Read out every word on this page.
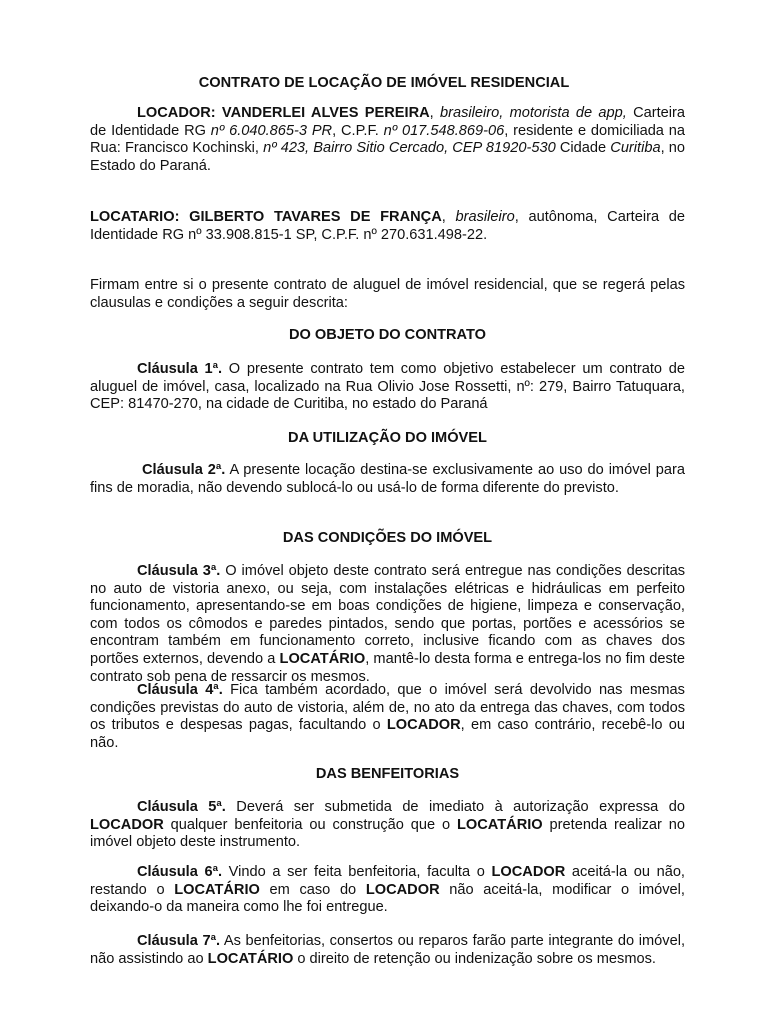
CONTRATO DE LOCAÇÃO DE IMÓVEL RESIDENCIAL

LOCADOR: VANDERLEI ALVES PEREIRA, brasileiro, motorista de app, Carteira de Identidade RG nº 6.040.865-3 PR, C.P.F. nº 017.548.869-06, residente e domiciliada na Rua: Francisco Kochinski, nº 423, Bairro Sitio Cercado, CEP 81920-530 Cidade Curitiba, no Estado do Paraná.

LOCATARIO: GILBERTO TAVARES DE FRANÇA, brasileiro, autônoma, Carteira de Identidade RG nº 33.908.815-1 SP, C.P.F. nº 270.631.498-22.

Firmam entre si o presente contrato de aluguel de imóvel residencial, que se regerá pelas clausulas e condições a seguir descrita:

DO OBJETO DO CONTRATO

Cláusula 1ª. O presente contrato tem como objetivo estabelecer um contrato de aluguel de imóvel, casa, localizado na Rua Olivio Jose Rossetti, nº: 279, Bairro Tatuquara, CEP: 81470-270, na cidade de Curitiba, no estado do Paraná

DA UTILIZAÇÃO DO IMÓVEL

Cláusula 2ª. A presente locação destina-se exclusivamente ao uso do imóvel para fins de moradia, não devendo sublocá-lo ou usá-lo de forma diferente do previsto.

DAS CONDIÇÕES DO IMÓVEL

Cláusula 3ª. O imóvel objeto deste contrato será entregue nas condições descritas no auto de vistoria anexo, ou seja, com instalações elétricas e hidráulicas em perfeito funcionamento, apresentando-se em boas condições de higiene, limpeza e conservação, com todos os cômodos e paredes pintados, sendo que portas, portões e acessórios se encontram também em funcionamento correto, inclusive ficando com as chaves dos portões externos, devendo a LOCATÁRIO, mantê-lo desta forma e entrega-los no fim deste contrato sob pena de ressarcir os mesmos.

Cláusula 4ª. Fica também acordado, que o imóvel será devolvido nas mesmas condições previstas do auto de vistoria, além de, no ato da entrega das chaves, com todos os tributos e despesas pagas, facultando o LOCADOR, em caso contrário, recebê-lo ou não.

DAS BENFEITORIAS

Cláusula 5ª. Deverá ser submetida de imediato à autorização expressa do LOCADOR qualquer benfeitoria ou construção que o LOCATÁRIO pretenda realizar no imóvel objeto deste instrumento.

Cláusula 6ª. Vindo a ser feita benfeitoria, faculta o LOCADOR aceitá-la ou não, restando o LOCATÁRIO em caso do LOCADOR não aceitá-la, modificar o imóvel, deixando-o da maneira como lhe foi entregue.

Cláusula 7ª. As benfeitorias, consertos ou reparos farão parte integrante do imóvel, não assistindo ao LOCATÁRIO o direito de retenção ou indenização sobre os mesmos.
